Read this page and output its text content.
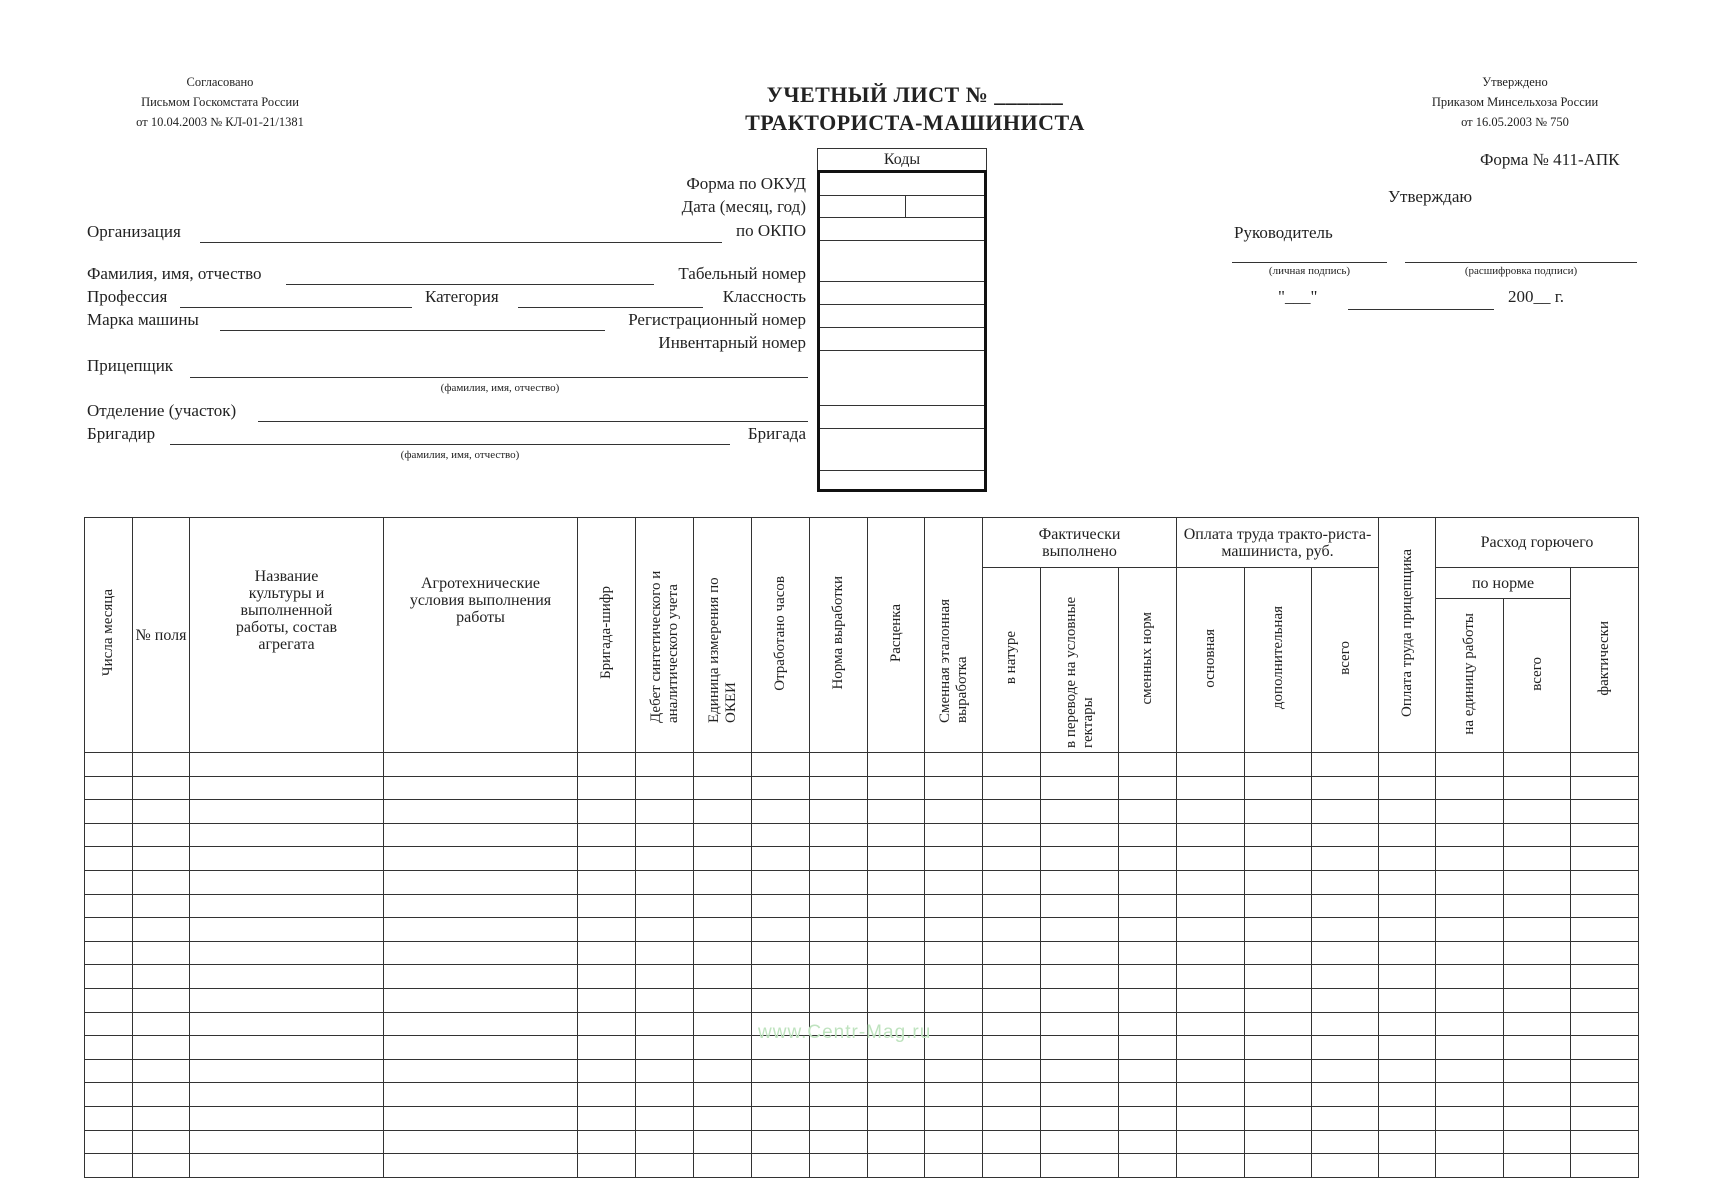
Согласовано
Письмом Госкомстата России
от 10.04.2003 № КЛ-01-21/1381
УЧЕТНЫЙ ЛИСТ № ______
ТРАКТОРИСТА-МАШИНИСТА
Утверждено
Приказом Минсельхоза России
от 16.05.2003 № 750
Форма № 411-АПК
Утверждаю
Руководитель
(личная подпись)	(расшифровка подписи)
"___"	200__ г.
Коды
Форма по ОКУД
Дата (месяц, год)
по ОКПО
Табельный номер
Классность
Регистрационный номер
Инвентарный номер
Бригада
Организация
Фамилия, имя, отчество
Профессия	Категория
Марка машины
Прицепщик
(фамилия, имя, отчество)
Отделение (участок)
Бригадир
(фамилия, имя, отчество)
Числа месяца	№ поля	Название культуры и выполненной работы, состав агрегата	Агротехнические условия выполнения работы	Бригада-шифр	Дебет синтетического и аналитического учета	Единица измерения по ОКЕИ	Отработано часов	Норма выработки	Расценка	Сменная эталонная выработка	Фактически выполнено			Оплата труда тракто-риста-машиниста, руб.			Оплата труда прицепщика	Расход горючего		
											в натуре	в переводе на условные гектары	сменных норм	основная	дополнительная	всего		по норме		фактически
																		на единицу работы	всего	

www.Centr-Mag.ru
